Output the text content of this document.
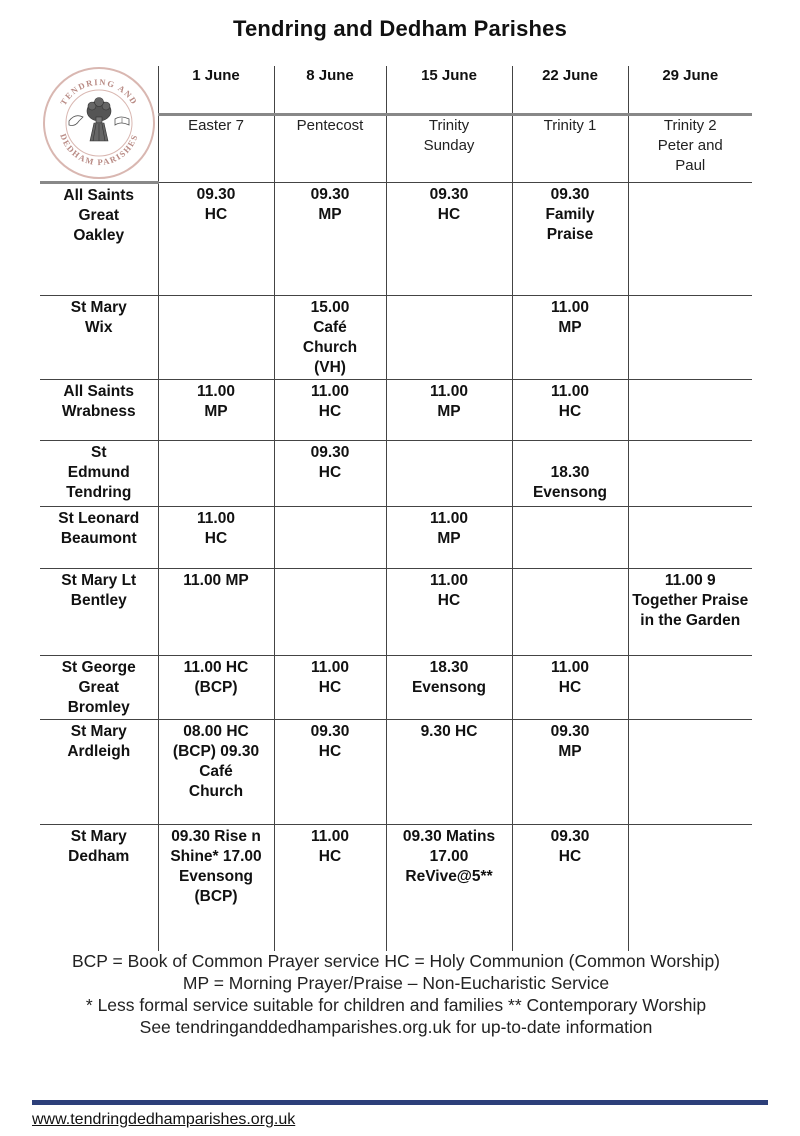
Tendring and Dedham Parishes
TENDRING AND
DEDHAM PARISHES	1 June	8 June	15 June	22 June	29 June
	Easter 7	Pentecost	Trinity Sunday	Trinity 1	Trinity 2 Peter and Paul

All Saints Great Oakley	09.30 HC	09.30 MP	09.30 HC	09.30 Family Praise	

St Mary Wix		15.00 Café Church (VH)		11.00 MP	

All Saints Wrabness	11.00 MP	11.00 HC	11.00 MP	11.00 HC	

St Edmund Tendring		09.30 HC		18.30 Evensong	

St Leonard Beaumont	11.00 HC		11.00 MP		

St Mary Lt Bentley	11.00 MP		11.00 HC		11.00 9 Together Praise in the Garden

St George Great Bromley	11.00 HC (BCP)	11.00 HC	18.30 Evensong	11.00 HC	

St Mary Ardleigh	08.00 HC (BCP) 09.30 Café Church	09.30 HC	9.30 HC	09.30 MP	

St Mary Dedham	09.30 Rise n Shine* 17.00 Evensong (BCP)	11.00 HC	09.30 Matins 17.00 ReVive@5**	09.30 HC	

BCP = Book of Common Prayer service HC = Holy Communion (Common Worship)

MP = Morning Prayer/Praise – Non-Eucharistic Service

* Less formal service suitable for children and families ** Contemporary Worship

See tendringanddedhamparishes.org.uk for up-to-date information

www.tendringdedhamparishes.org.uk
